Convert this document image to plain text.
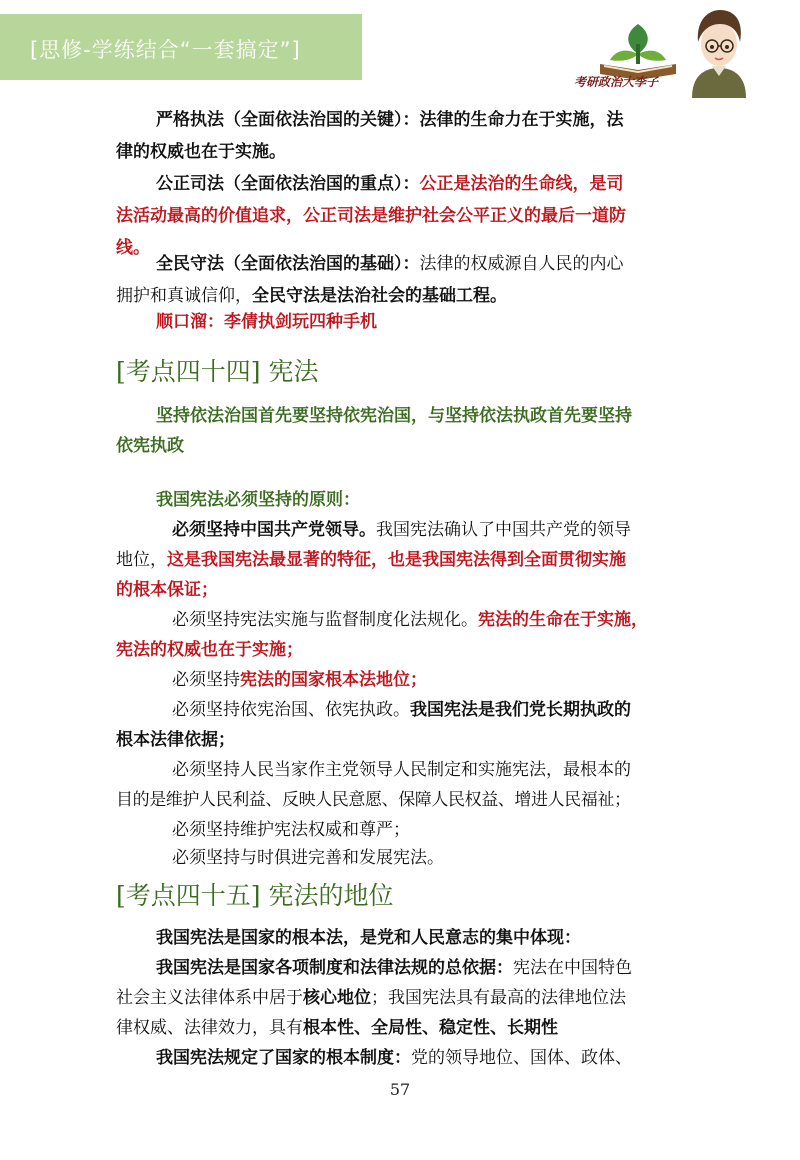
[思修-学练结合“一套搞定”]
考研政治大李子
严格执法（全面依法治国的关键）：法律的生命力在于实施，法
律的权威也在于实施。
公正司法（全面依法治国的重点）：公正是法治的生命线，是司
法活动最高的价值追求，公正司法是维护社会公平正义的最后一道防
线。
全民守法（全面依法治国的基础）：法律的权威源自人民的内心
拥护和真诚信仰，全民守法是法治社会的基础工程。
顺口溜：李倩执剑玩四种手机
[考点四十四] 宪法
坚持依法治国首先要坚持依宪治国，与坚持依法执政首先要坚持
依宪执政
我国宪法必须坚持的原则：
必须坚持中国共产党领导。我国宪法确认了中国共产党的领导
地位，这是我国宪法最显著的特征，也是我国宪法得到全面贯彻实施
的根本保证；
必须坚持宪法实施与监督制度化法规化。宪法的生命在于实施，
宪法的权威也在于实施；
必须坚持宪法的国家根本法地位；
必须坚持依宪治国、依宪执政。我国宪法是我们党长期执政的
根本法律依据；
必须坚持人民当家作主党领导人民制定和实施宪法，最根本的
目的是维护人民利益、反映人民意愿、保障人民权益、增进人民福祉；
必须坚持维护宪法权威和尊严；
必须坚持与时俱进完善和发展宪法。
[考点四十五] 宪法的地位
我国宪法是国家的根本法，是党和人民意志的集中体现：
我国宪法是国家各项制度和法律法规的总依据：宪法在中国特色
社会主义法律体系中居于核心地位；我国宪法具有最高的法律地位法
律权威、法律效力，具有根本性、全局性、稳定性、长期性
我国宪法规定了国家的根本制度：党的领导地位、国体、政体、
57
